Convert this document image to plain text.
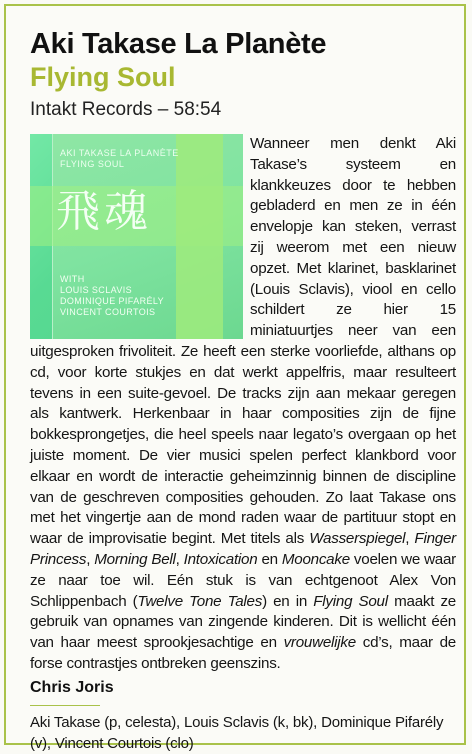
Aki Takase La Planète
Flying Soul
Intakt Records – 58:54
AKI TAKASE LA PLANÈTE
FLYING SOUL
飛魂
WITH
LOUIS SCLAVIS
DOMINIQUE PIFARÉLY
VINCENT COURTOIS
Wanneer men denkt Aki Takase’s systeem en klankkeuzes door te hebben gebladerd en men ze in één envelopje kan steken, verrast zij weerom met een nieuw opzet. Met klarinet, basklarinet (Louis Sclavis), viool en cello schildert ze hier 15 miniatuurtjes neer van een uitgesproken frivoliteit. Ze heeft een sterke voorliefde, althans op cd, voor korte stukjes en dat werkt appelfris, maar resulteert tevens in een suite-gevoel. De tracks zijn aan mekaar geregen als kantwerk. Herkenbaar in haar composities zijn de fijne bokkesprongetjes, die heel speels naar legato’s overgaan op het juiste moment. De vier musici spelen perfect klankbord voor elkaar en wordt de interactie geheimzinnig binnen de discipline van de geschreven composities gehouden. Zo laat Takase ons met het vingertje aan de mond raden waar de partituur stopt en waar de improvisatie begint. Met titels als Wasserspiegel, Finger Princess, Morning Bell, Intoxication en Mooncake voelen we waar ze naar toe wil. Eén stuk is van echtgenoot Alex Von Schlippenbach (Twelve Tone Tales) en in Flying Soul maakt ze gebruik van opnames van zingende kinderen. Dit is wellicht één van haar meest sprookjesachtige en vrouwelijke cd’s, maar de forse contrastjes ontbreken geenszins.
Chris Joris
Aki Takase (p, celesta), Louis Sclavis (k, bk), Dominique Pifarély (v), Vincent Courtois (clo)
